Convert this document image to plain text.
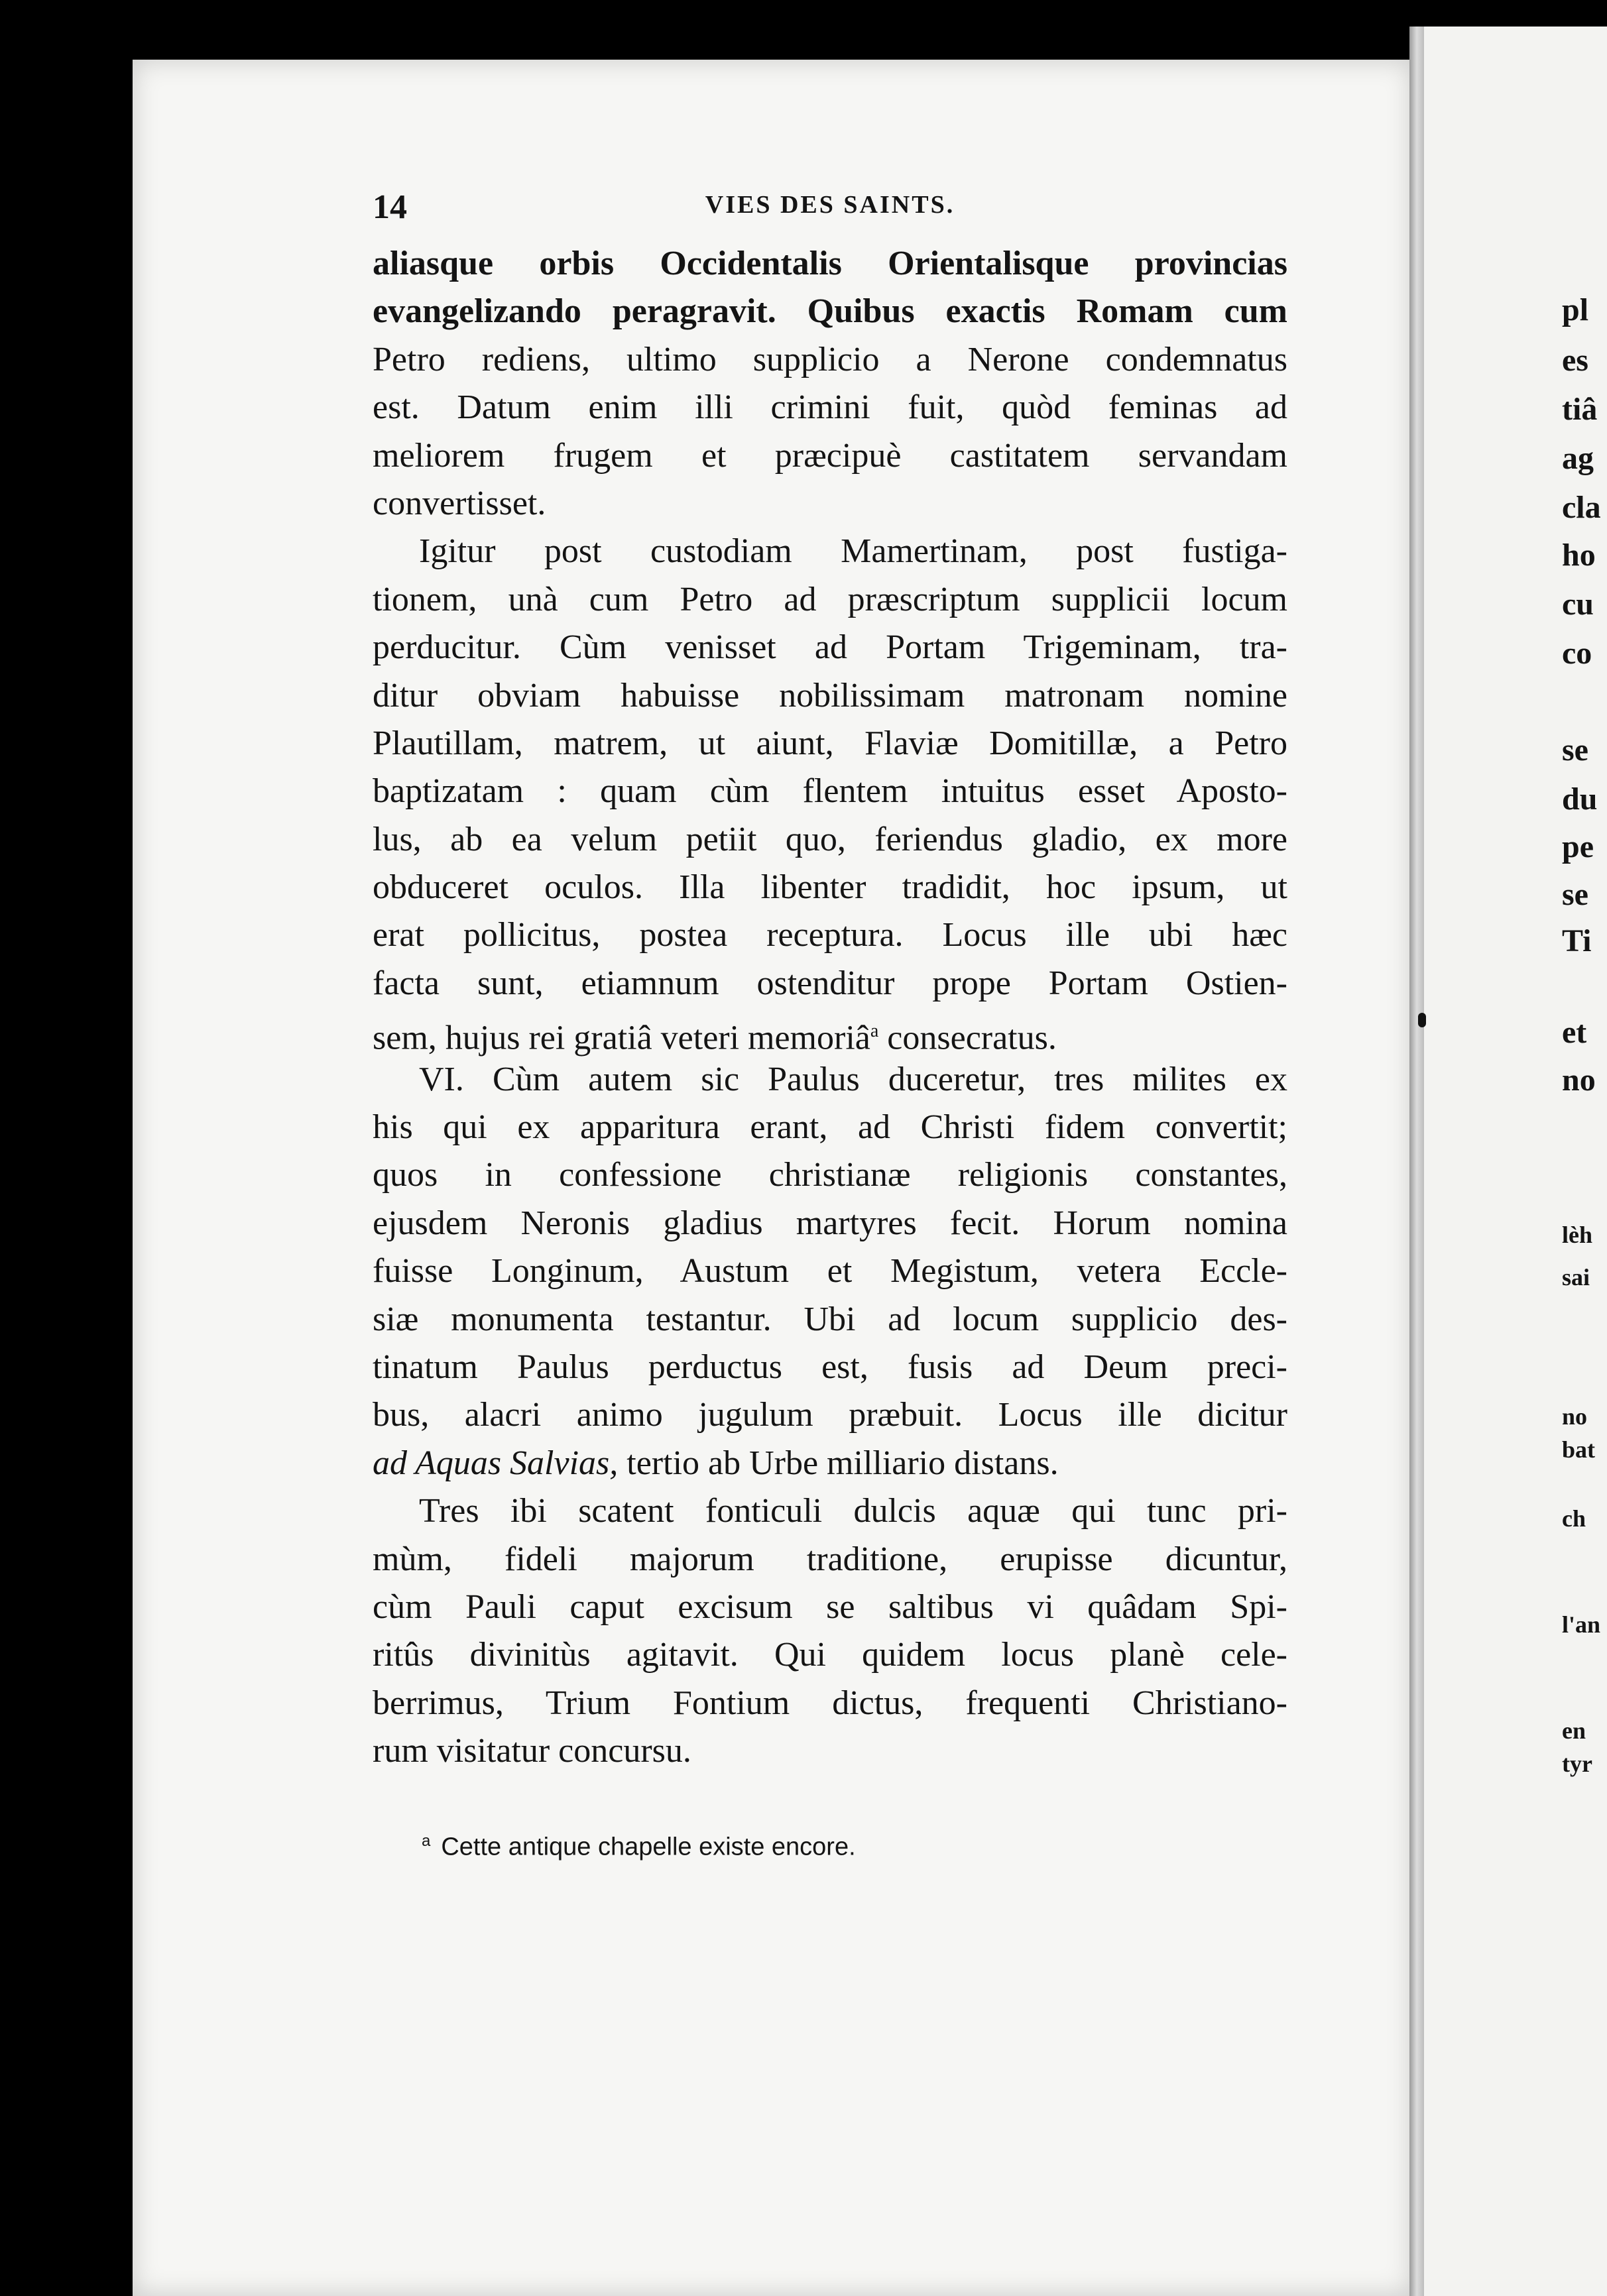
14	VIES DES SAINTS.
aliasque orbis Occidentalis Orientalisque provincias
evangelizando peragravit. Quibus exactis Romam cum
Petro rediens, ultimo supplicio a Nerone condemnatus
est. Datum enim illi crimini fuit, quòd feminas ad
meliorem frugem et præcipuè castitatem servandam
convertisset.
Igitur post custodiam Mamertinam, post fustiga-
tionem, unà cum Petro ad præscriptum supplicii locum
perducitur. Cùm venisset ad Portam Trigeminam, tra-
ditur obviam habuisse nobilissimam matronam nomine
Plautillam, matrem, ut aiunt, Flaviæ Domitillæ, a Petro
baptizatam : quam cùm flentem intuitus esset Aposto-
lus, ab ea velum petiit quo, feriendus gladio, ex more
obduceret oculos. Illa libenter tradidit, hoc ipsum, ut
erat pollicitus, postea receptura. Locus ille ubi hæc
facta sunt, etiamnum ostenditur prope Portam Ostien-
sem, hujus rei gratiâ veteri memoriâ$^a$ consecratus.
VI. Cùm autem sic Paulus duceretur, tres milites ex
his qui ex apparitura erant, ad Christi fidem convertit;
quos in confessione christianæ religionis constantes,
ejusdem Neronis gladius martyres fecit. Horum nomina
fuisse Longinum, Austum et Megistum, vetera Eccle-
siæ monumenta testantur. Ubi ad locum supplicio des-
tinatum Paulus perductus est, fusis ad Deum preci-
bus, alacri animo jugulum præbuit. Locus ille dicitur
ad Aquas Salvias, tertio ab Urbe milliario distans.
Tres ibi scatent fonticuli dulcis aquæ qui tunc pri-
mùm, fideli majorum traditione, erupisse dicuntur,
cùm Pauli caput excisum se saltibus vi quâdam Spi-
ritûs divinitùs agitavit. Qui quidem locus planè cele-
berrimus, Trium Fontium dictus, frequenti Christiano-
rum visitatur concursu.
$^a$ Cette antique chapelle existe encore.
pl
es
tiâ
ag
cla
ho
cu
co
se
du
pe
se
Ti
et
no
lèh
sai
no
bat
ch
l'an
en
tyr
